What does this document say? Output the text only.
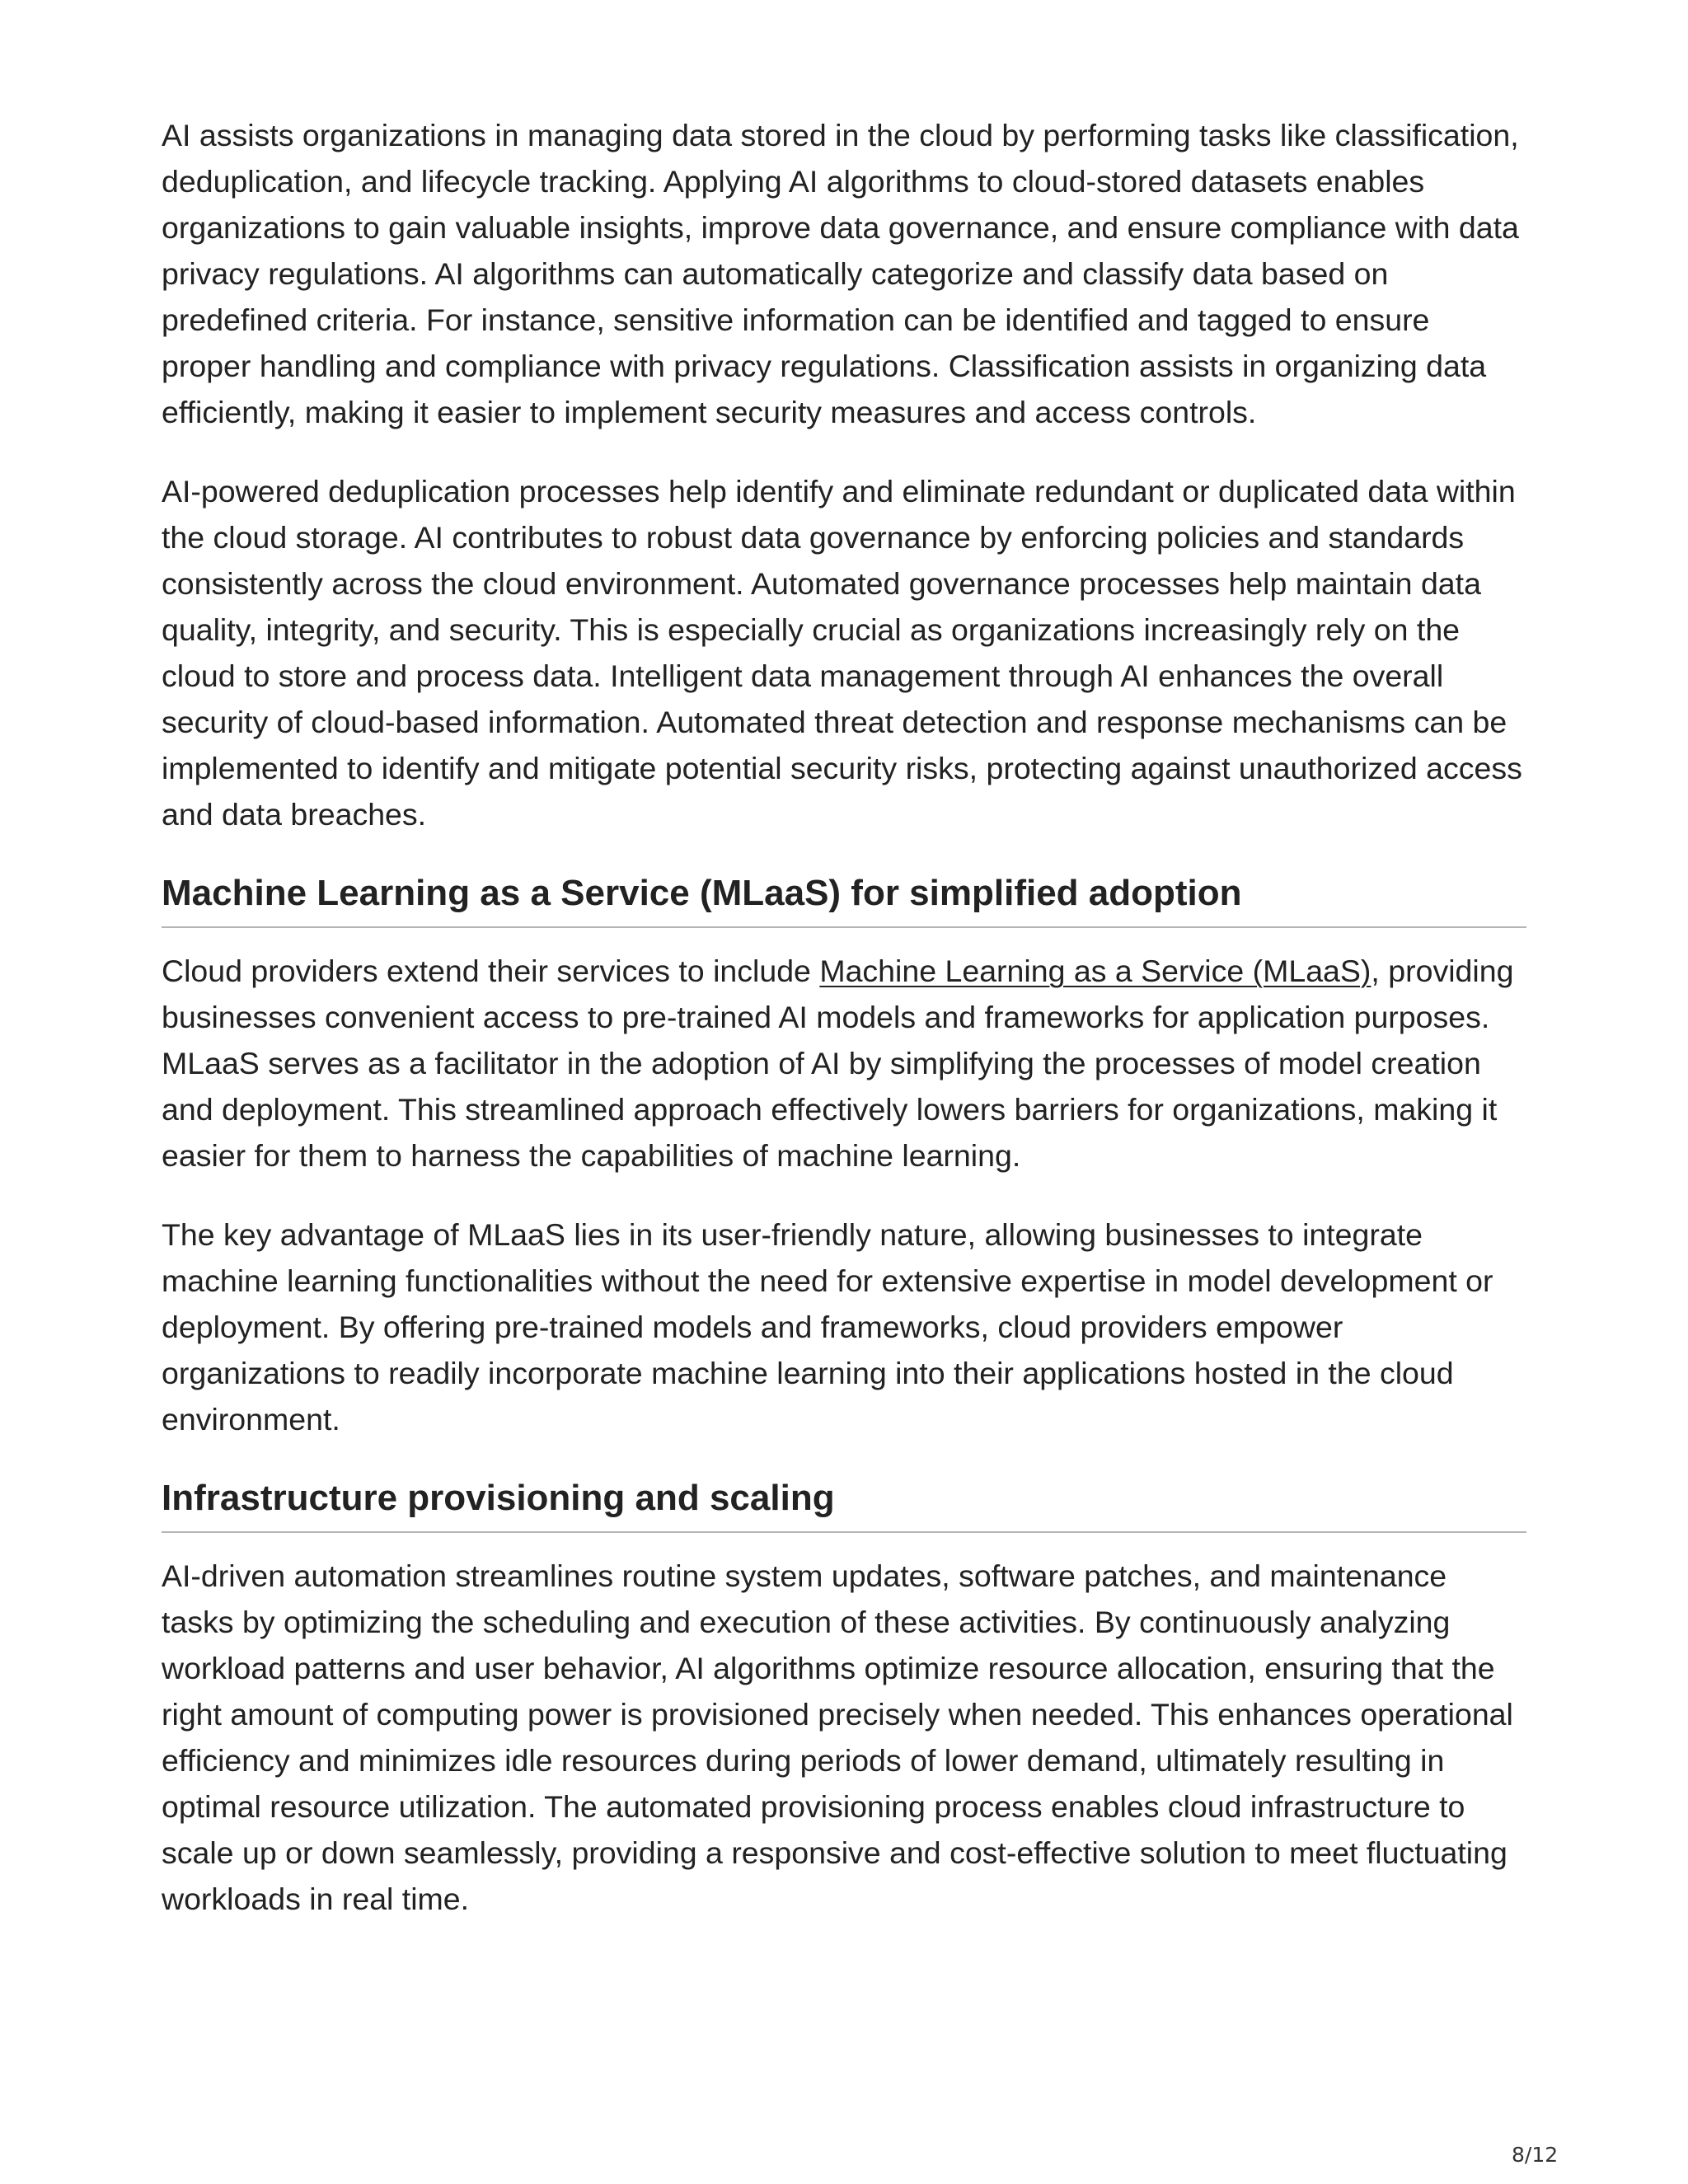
AI assists organizations in managing data stored in the cloud by performing tasks like classification, deduplication, and lifecycle tracking. Applying AI algorithms to cloud-stored datasets enables organizations to gain valuable insights, improve data governance, and ensure compliance with data privacy regulations. AI algorithms can automatically categorize and classify data based on predefined criteria. For instance, sensitive information can be identified and tagged to ensure proper handling and compliance with privacy regulations. Classification assists in organizing data efficiently, making it easier to implement security measures and access controls.

AI-powered deduplication processes help identify and eliminate redundant or duplicated data within the cloud storage. AI contributes to robust data governance by enforcing policies and standards consistently across the cloud environment. Automated governance processes help maintain data quality, integrity, and security. This is especially crucial as organizations increasingly rely on the cloud to store and process data. Intelligent data management through AI enhances the overall security of cloud-based information. Automated threat detection and response mechanisms can be implemented to identify and mitigate potential security risks, protecting against unauthorized access and data breaches.

Machine Learning as a Service (MLaaS) for simplified adoption

Cloud providers extend their services to include Machine Learning as a Service (MLaaS), providing businesses convenient access to pre-trained AI models and frameworks for application purposes. MLaaS serves as a facilitator in the adoption of AI by simplifying the processes of model creation and deployment. This streamlined approach effectively lowers barriers for organizations, making it easier for them to harness the capabilities of machine learning.

The key advantage of MLaaS lies in its user-friendly nature, allowing businesses to integrate machine learning functionalities without the need for extensive expertise in model development or deployment. By offering pre-trained models and frameworks, cloud providers empower organizations to readily incorporate machine learning into their applications hosted in the cloud environment.

Infrastructure provisioning and scaling

AI-driven automation streamlines routine system updates, software patches, and maintenance tasks by optimizing the scheduling and execution of these activities. By continuously analyzing workload patterns and user behavior, AI algorithms optimize resource allocation, ensuring that the right amount of computing power is provisioned precisely when needed. This enhances operational efficiency and minimizes idle resources during periods of lower demand, ultimately resulting in optimal resource utilization. The automated provisioning process enables cloud infrastructure to scale up or down seamlessly, providing a responsive and cost-effective solution to meet fluctuating workloads in real time.

8/12
